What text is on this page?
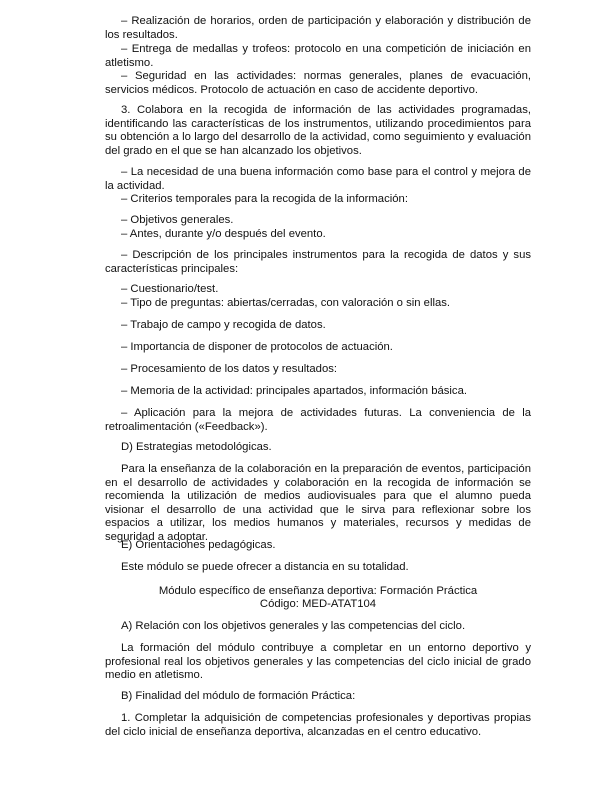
– Realización de horarios, orden de participación y elaboración y distribución de los resultados.

– Entrega de medallas y trofeos: protocolo en una competición de iniciación en atletismo.

– Seguridad en las actividades: normas generales, planes de evacuación, servicios médicos. Protocolo de actuación en caso de accidente deportivo.

3. Colabora en la recogida de información de las actividades programadas, identificando las características de los instrumentos, utilizando procedimientos para su obtención a lo largo del desarrollo de la actividad, como seguimiento y evaluación del grado en el que se han alcanzado los objetivos.

– La necesidad de una buena información como base para el control y mejora de la actividad.

– Criterios temporales para la recogida de la información:

– Objetivos generales.

– Antes, durante y/o después del evento.

– Descripción de los principales instrumentos para la recogida de datos y sus características principales:

– Cuestionario/test.

– Tipo de preguntas: abiertas/cerradas, con valoración o sin ellas.

– Trabajo de campo y recogida de datos.

– Importancia de disponer de protocolos de actuación.

– Procesamiento de los datos y resultados:

– Memoria de la actividad: principales apartados, información básica.

– Aplicación para la mejora de actividades futuras. La conveniencia de la retroalimentación («Feedback»).

D) Estrategias metodológicas.

Para la enseñanza de la colaboración en la preparación de eventos, participación en el desarrollo de actividades y colaboración en la recogida de información se recomienda la utilización de medios audiovisuales para que el alumno pueda visionar el desarrollo de una actividad que le sirva para reflexionar sobre los espacios a utilizar, los medios humanos y materiales, recursos y medidas de seguridad a adoptar.

E) Orientaciones pedagógicas.

Este módulo se puede ofrecer a distancia en su totalidad.

Módulo específico de enseñanza deportiva: Formación Práctica

Código: MED-ATAT104

A) Relación con los objetivos generales y las competencias del ciclo.

La formación del módulo contribuye a completar en un entorno deportivo y profesional real los objetivos generales y las competencias del ciclo inicial de grado medio en atletismo.

B) Finalidad del módulo de formación Práctica:

1. Completar la adquisición de competencias profesionales y deportivas propias del ciclo inicial de enseñanza deportiva, alcanzadas en el centro educativo.
